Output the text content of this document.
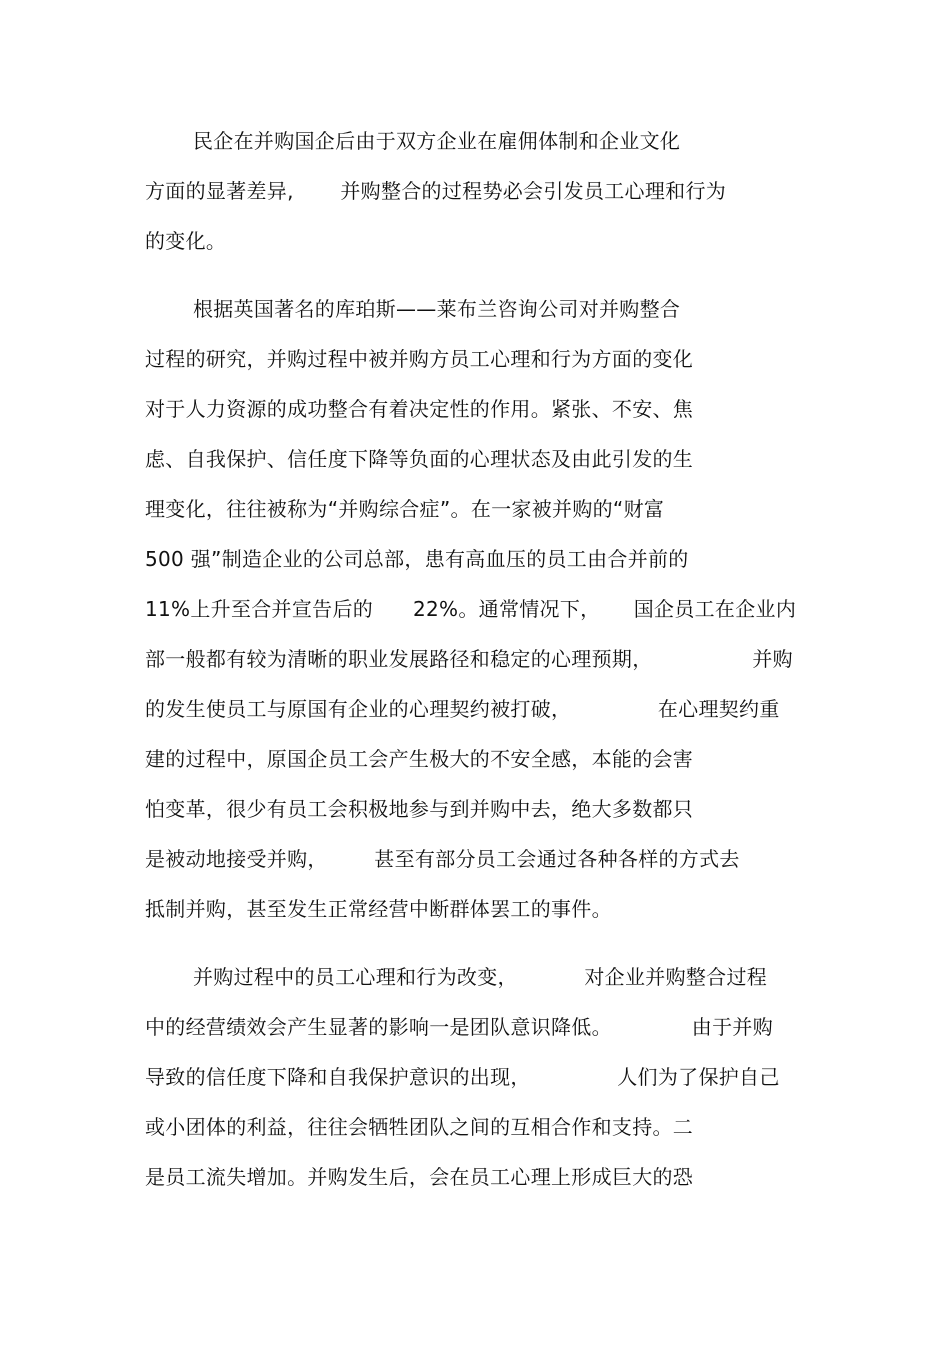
民企在并购国企后由于双方企业在雇佣体制和企业文化
方面的显著差异,       并购整合的过程势必会引发员工心理和行为
的变化。
根据英国著名的库珀斯——莱布兰咨询公司对并购整合
过程的研究，并购过程中被并购方员工心理和行为方面的变化
对于人力资源的成功整合有着决定性的作用。紧张、不安、焦
虑、自我保护、信任度下降等负面的心理状态及由此引发的生
理变化，往往被称为“并购综合症”。在一家被并购的“财富
500 强”制造企业的公司总部，患有高血压的员工由合并前的
11%上升至合并宣告后的      22%。通常情况下，     国企员工在企业内
部一般都有较为清晰的职业发展路径和稳定的心理预期，               并购
的发生使员工与原国有企业的心理契约被打破，             在心理契约重
建的过程中，原国企员工会产生极大的不安全感，本能的会害
怕变革，很少有员工会积极地参与到并购中去，绝大多数都只
是被动地接受并购，       甚至有部分员工会通过各种各样的方式去
抵制并购，甚至发生正常经营中断群体罢工的事件。
并购过程中的员工心理和行为改变，          对企业并购整合过程
中的经营绩效会产生显著的影响一是团队意识降低。            由于并购
导致的信任度下降和自我保护意识的出现，             人们为了保护自己
或小团体的利益，往往会牺牲团队之间的互相合作和支持。二
是员工流失增加。并购发生后，会在员工心理上形成巨大的恐
